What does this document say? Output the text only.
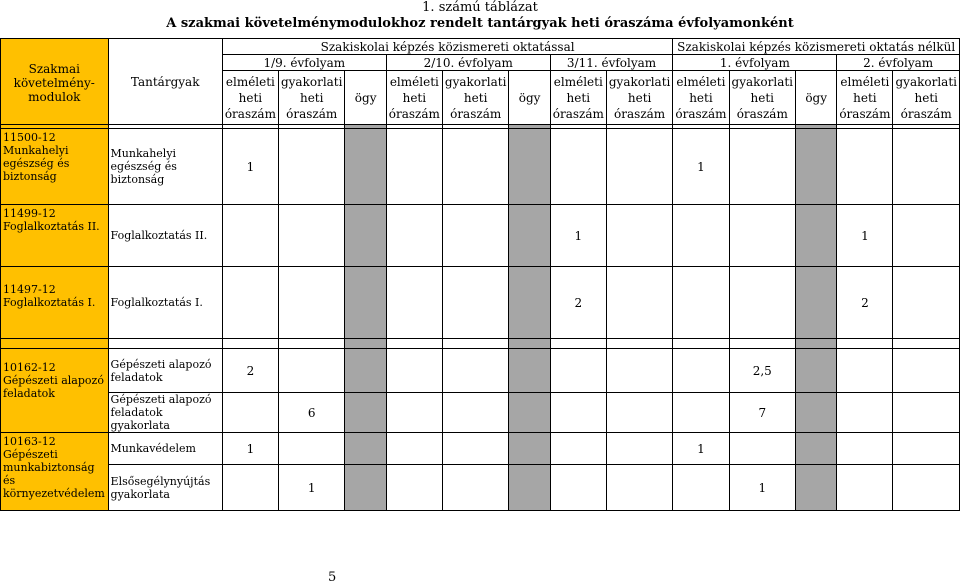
1. számú táblázat
A szakmai követelménymodulokhoz rendelt tantárgyak heti óraszáma évfolyamonként
Szakmai követelmény-modulok	Tantárgyak	Szakiskolai képzés közismereti oktatással								Szakiskolai képzés közismereti oktatás nélkül				
		1/9. évfolyam			2/10. évfolyam			3/11. évfolyam		1. évfolyam			2. évfolyam	
		elméleti heti óraszám	gyakorlati heti óraszám	ögy	elméleti heti óraszám	gyakorlati heti óraszám	ögy	elméleti heti óraszám	gyakorlati heti óraszám	elméleti heti óraszám	gyakorlati heti óraszám	ögy	elméleti heti óraszám	gyakorlati heti óraszám

11500-12 Munkahelyi egészség és biztonság	Munkahelyi egészség és biztonság	1								1				
11499-12 Foglalkoztatás II.	Foglalkoztatás II.							1					1	
11497-12 Foglalkoztatás I.	Foglalkoztatás I.							2					2	

10162-12 Gépészeti alapozó feladatok	Gépészeti alapozó feladatok	2									2,5			
	Gépészeti alapozó feladatok gyakorlata		6								7			
10163-12 Gépészeti munkabiztonság és környezetvédelem	Munkavédelem	1								1				
	Elsősegélynyújtás gyakorlata		1								1			
5
